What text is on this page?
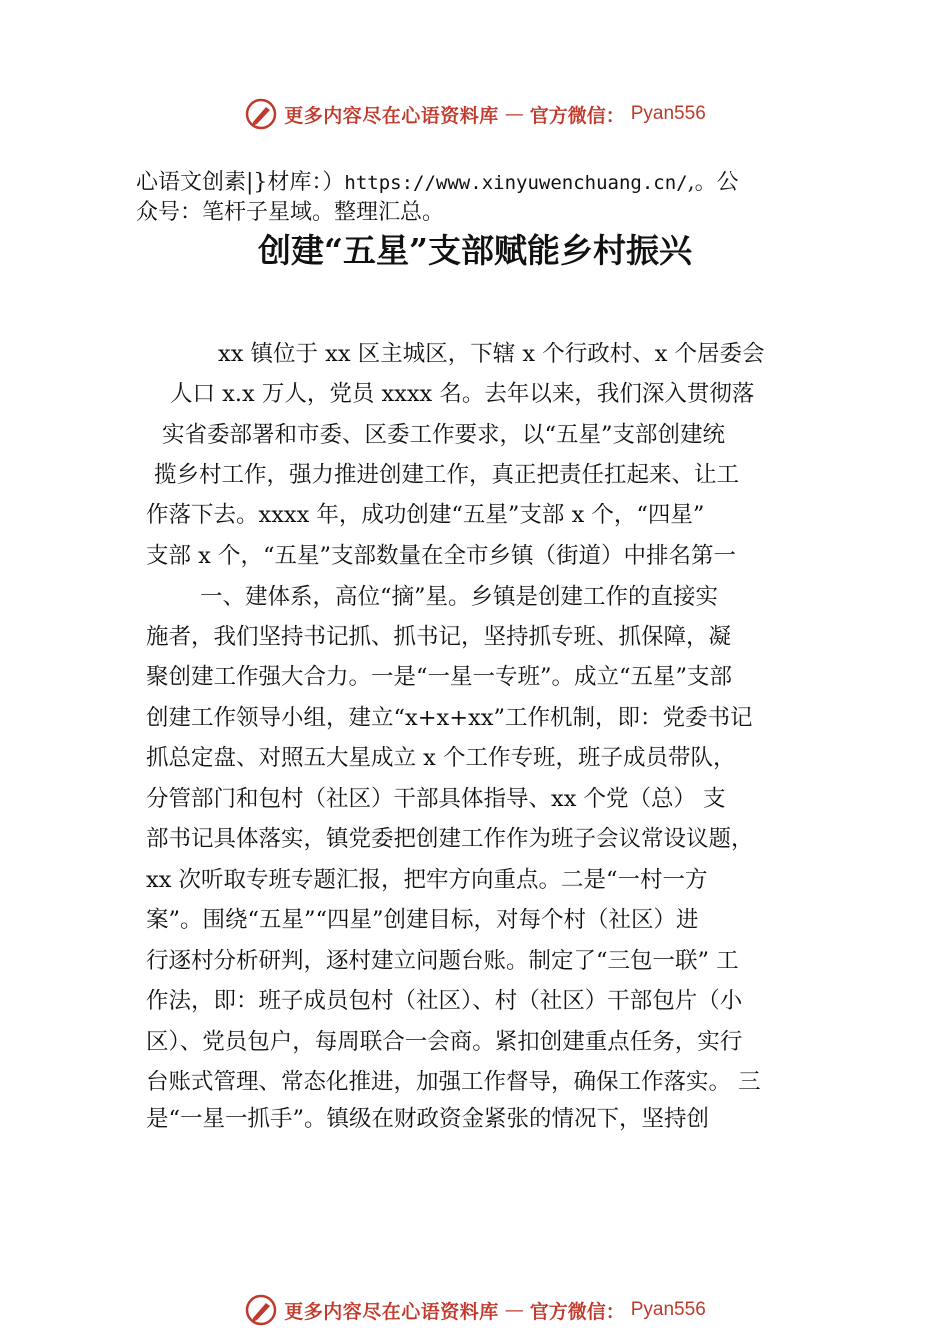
更多内容尽在心语资料库 — 官方微信： Pyan556
心语文创素|}材库：）https://www.xinyuwenchuang.cn/,。公
众号：笔杆子星域。整理汇总。
创建“五星”支部赋能乡村振兴
xx 镇位于 xx 区主城区，下辖 x 个行政村、x 个居委会
人口 x.x 万人，党员 xxxx 名。去年以来，我们深入贯彻落
实省委部署和市委、区委工作要求，以“五星”支部创建统
揽乡村工作，强力推进创建工作，真正把责任扛起来、让工
作落下去。xxxx 年，成功创建“五星”支部 x 个，“四星”
支部 x 个，“五星”支部数量在全市乡镇（街道）中排名第一
一、建体系，高位“摘”星。乡镇是创建工作的直接实
施者，我们坚持书记抓、抓书记，坚持抓专班、抓保障，凝
聚创建工作强大合力。一是“一星一专班”。成立“五星”支部
创建工作领导小组，建立“x+x+xx”工作机制，即：党委书记
抓总定盘、对照五大星成立 x 个工作专班，班子成员带队，
分管部门和包村（社区）干部具体指导、xx 个党（总） 支
部书记具体落实，镇党委把创建工作作为班子会议常设议题，
xx 次听取专班专题汇报，把牢方向重点。二是“一村一方
案”。围绕“五星”“四星”创建目标，对每个村（社区）进
行逐村分析研判，逐村建立问题台账。制定了“三包一联” 工
作法，即：班子成员包村（社区）、村（社区）干部包片（小
区）、党员包户，每周联合一会商。紧扣创建重点任务，实行
台账式管理、常态化推进，加强工作督导，确保工作落实。 三
是“一星一抓手”。镇级在财政资金紧张的情况下，坚持创
更多内容尽在心语资料库 — 官方微信： Pyan556
